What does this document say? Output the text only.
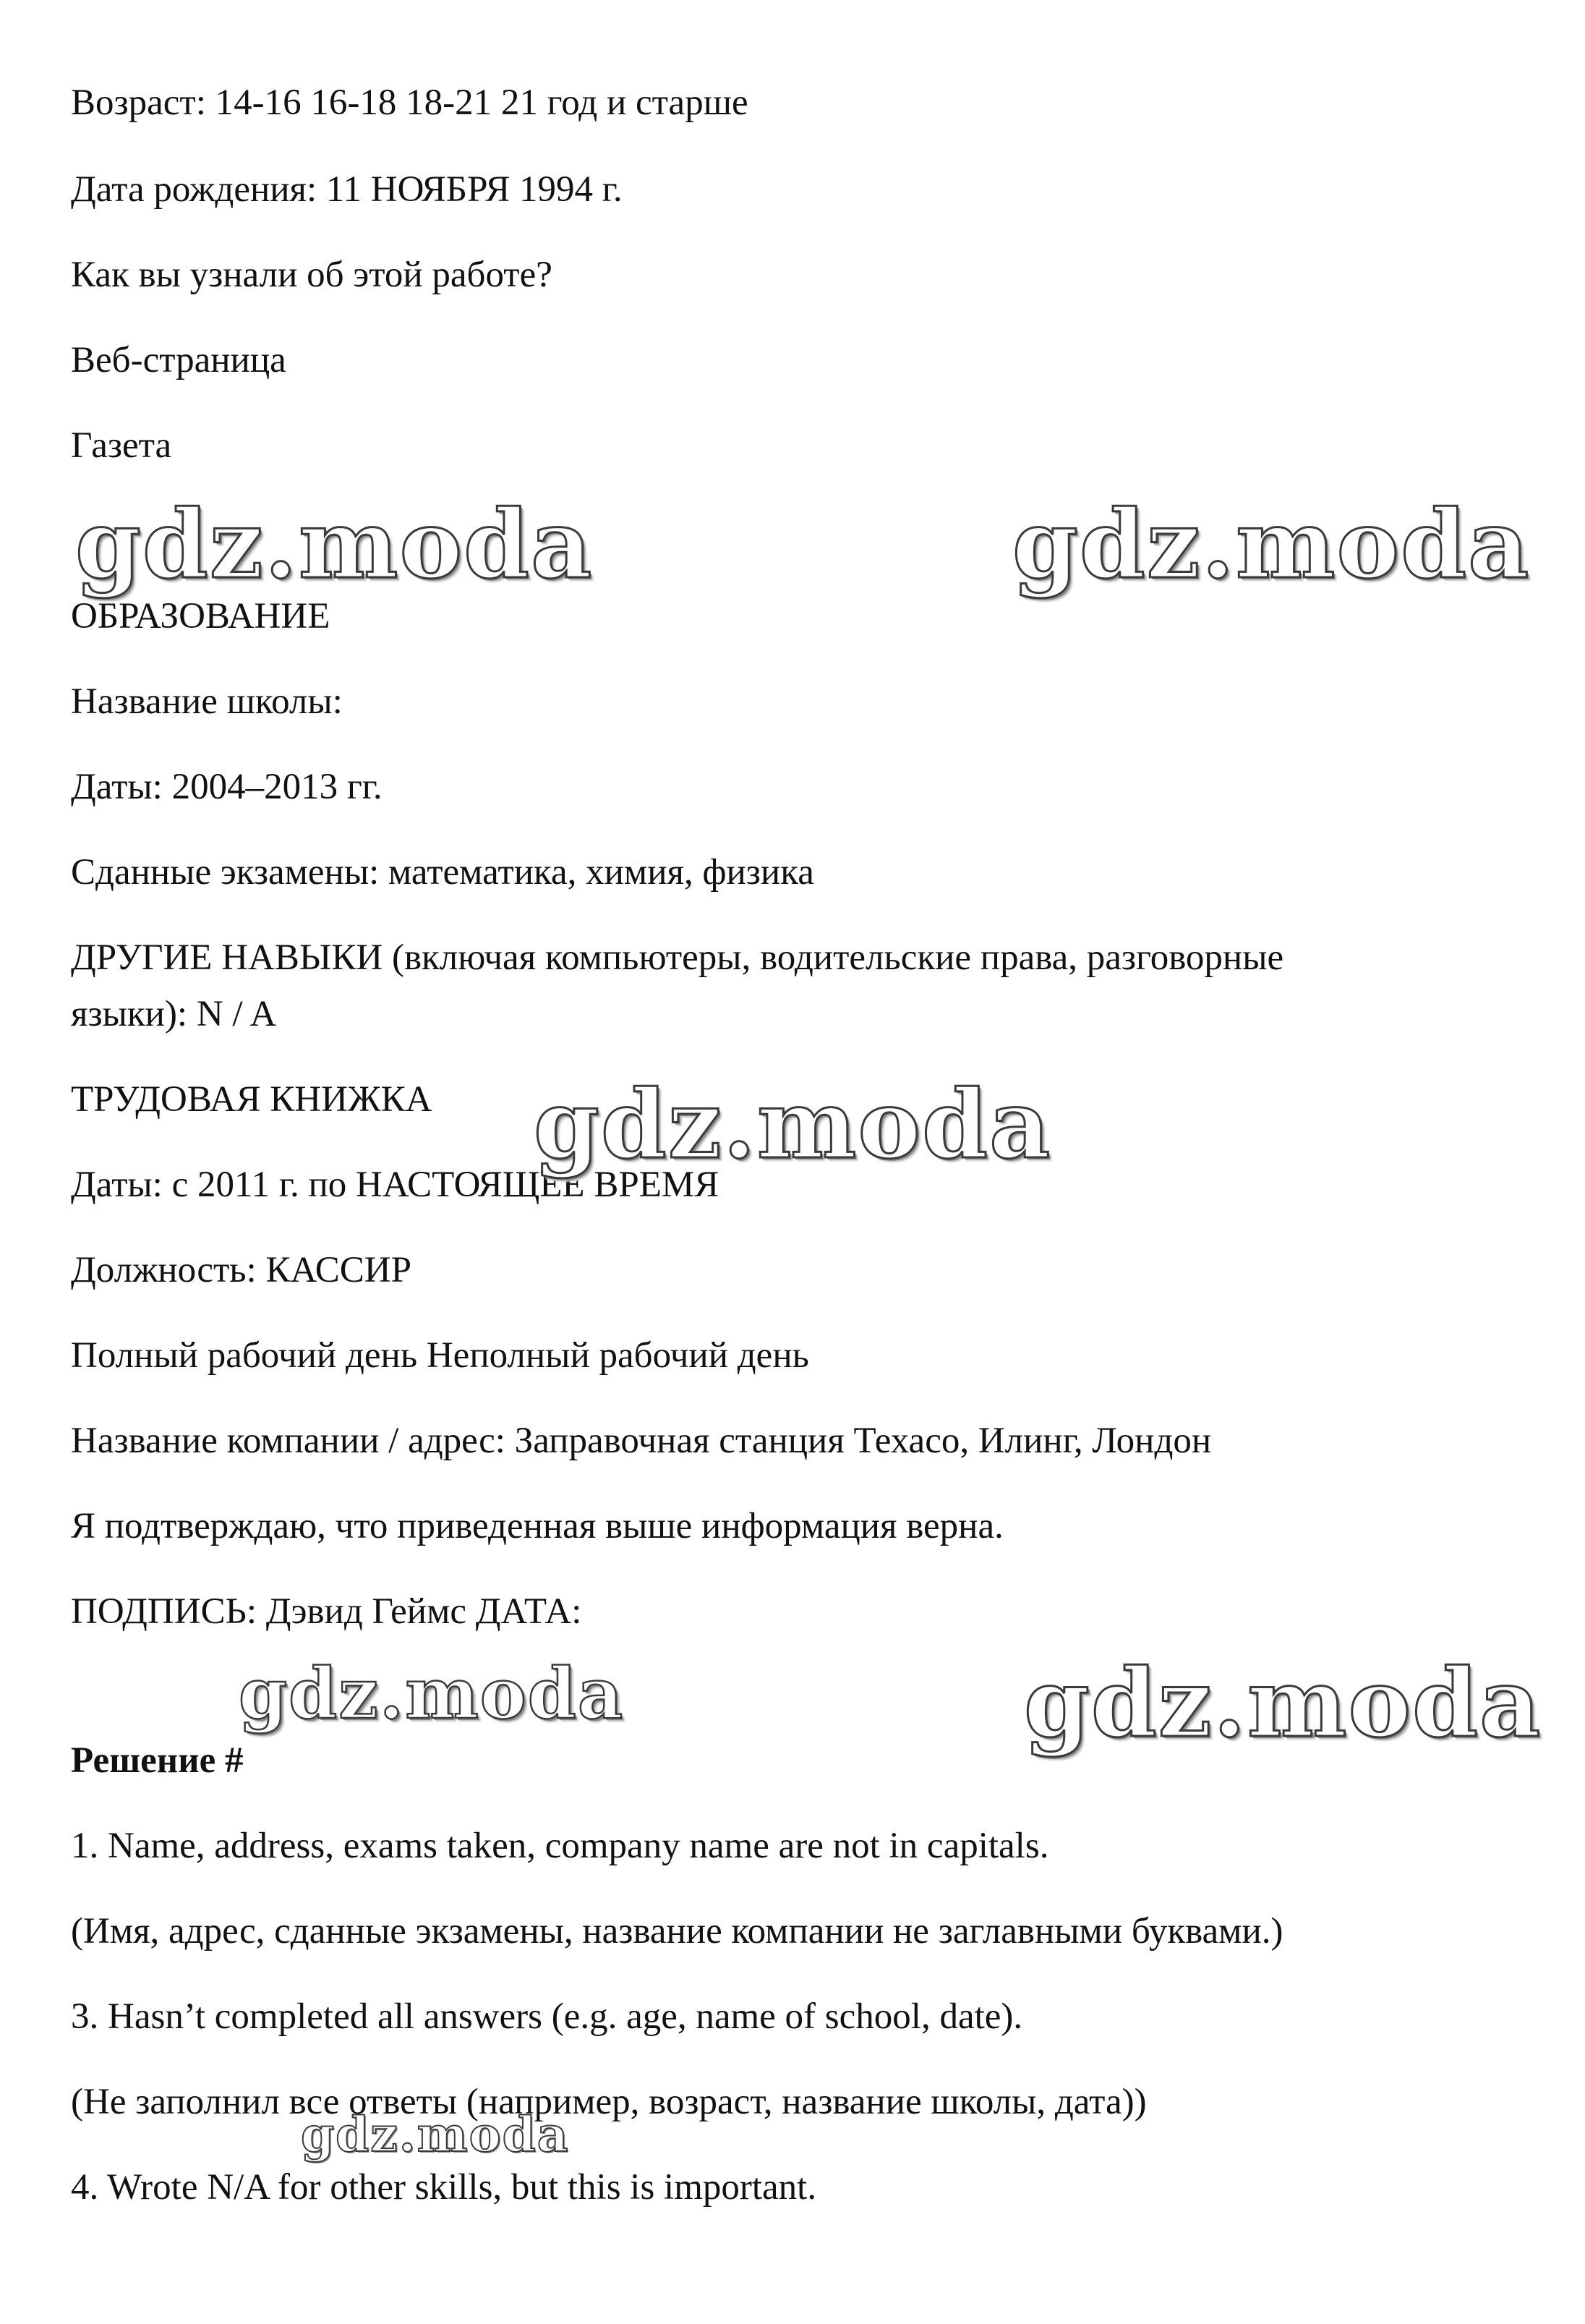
Возраст: 14-16 16-18 18-21 21 год и старше

Дата рождения: 11 НОЯБРЯ 1994 г.

Как вы узнали об этой работе?

Веб-страница

Газета

ОБРАЗОВАНИЕ

Название школы:

Даты: 2004–2013 гг.

Сданные экзамены: математика, химия, физика

ДРУГИЕ НАВЫКИ (включая компьютеры, водительские права, разговорные

языки): N / A

ТРУДОВАЯ КНИЖКА

Даты: с 2011 г. по НАСТОЯЩЕЕ ВРЕМЯ

Должность: КАССИР

Полный рабочий день Неполный рабочий день

Название компании / адрес: Заправочная станция Техасо, Илинг, Лондон

Я подтверждаю, что приведенная выше информация верна.

ПОДПИСЬ: Дэвид Геймс ДАТА:

Решение #

1. Name, address, exams taken, company name are not in capitals.

(Имя, адрес, сданные экзамены, название компании не заглавными буквами.)

3. Hasn’t completed all answers (e.g. age, name of school, date).

(Не заполнил все ответы (например, возраст, название школы, дата))

4. Wrote N/A for other skills, but this is important.

gdz.moda	gdz.moda
gdz.moda
gdz.moda	gdz.moda
gdz.moda
